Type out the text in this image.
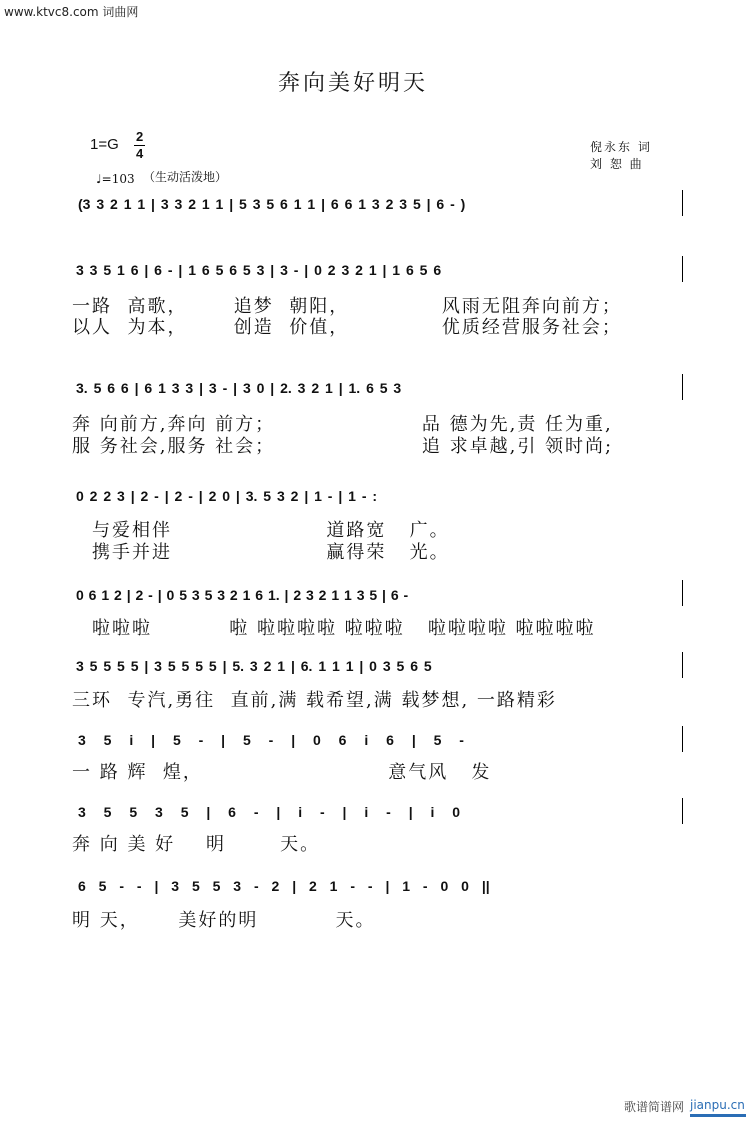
www.ktvc8.com 词曲网
奔向美好明天
1=G 2
4
♩=103 （生动活泼地）
倪永东 词
刘 恕 曲
(3 3 2 1 1 | 3 3 2 1 1 | 5 3 5 6 1 1 | 6 6 1 3 2 3 5 | 6 - )
3 3 5 1 6 | 6 - | 1 6 5 6 5 3 | 3 - | 0 2 3 2 1 | 1 6 5 6
一路  高歌，      追梦  朝阳，            风雨无阻奔向前方；
以人  为本，      创造  价值，            优质经营服务社会；
3. 5 6 6 | 6 1 3 3 | 3 - | 3 0 | 2. 3 2 1 | 1. 6 5 3
奔 向前方,奔向 前方；                   品 德为先,责 任为重,
服 务社会,服务 社会；                   追 求卓越,引 领时尚;
0 2 2 3 | 2 - | 2 - | 2 0 | 3. 5 3 2 | 1 - | 1 - :
与爱相伴                    道路宽   广。
携手并进                    赢得荣   光。
0 6 1 2 | 2 - | 0 5 3 5 3 2 1 6 1. | 2 3 2 1 1 3 5 | 6 -
啦啦啦          啦 啦啦啦啦 啦啦啦   啦啦啦啦 啦啦啦啦
3 5 5 5 5 | 3 5 5 5 5 | 5. 3 2 1 | 6. 1 1 1 | 0 3 5 6 5
三环  专汽,勇往  直前,满 载希望,满 载梦想, 一路精彩
3 5 i | 5 - | 5 - | 0 6 i 6 | 5 -
一 路 辉  煌，                        意气风   发
3 5 5 3 5 | 6 - | i - | i - | i 0
奔 向 美 好    明       天。
6 5 - - | 3 5 5 3 - 2 | 2 1 - - | 1 - 0 0 ||
明 天，     美好的明          天。
歌谱简谱网 jianpu.cn
